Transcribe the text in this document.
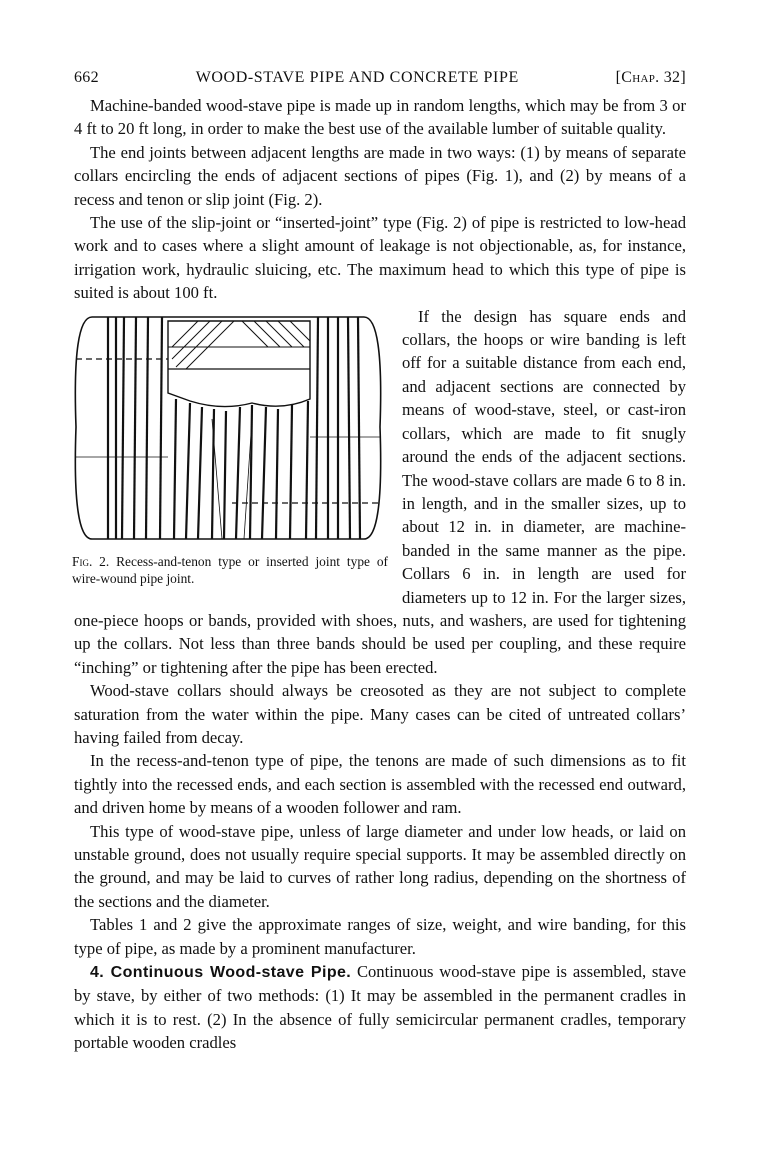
662	WOOD-STAVE PIPE AND CONCRETE PIPE	[Chap. 32]

Machine-banded wood-stave pipe is made up in random lengths, which may be from 3 or 4 ft to 20 ft long, in order to make the best use of the available lumber of suitable quality.

The end joints between adjacent lengths are made in two ways: (1) by means of separate collars encircling the ends of adjacent sections of pipes (Fig. 1), and (2) by means of a recess and tenon or slip joint (Fig. 2).

The use of the slip-joint or “inserted-joint” type (Fig. 2) of pipe is restricted to low-head work and to cases where a slight amount of leakage is not objectionable, as, for instance, irrigation work, hydraulic sluicing, etc. The maximum head to which this type of pipe is suited is about 100 ft.

Fig. 2. Recess-and-tenon type or inserted joint type of wire-wound pipe joint.

If the design has square ends and collars, the hoops or wire banding is left off for a suitable distance from each end, and adjacent sections are connected by means of wood-stave, steel, or cast-iron collars, which are made to fit snugly around the ends of the adjacent sections. The wood-stave collars are made 6 to 8 in. in length, and in the smaller sizes, up to about 12 in. in diameter, are machine-banded in the same manner as the pipe. Collars 6 in. in length are used for diameters up to 12 in. For the larger sizes, one-piece hoops or bands, provided with shoes, nuts, and washers, are used for tightening up the collars. Not less than three bands should be used per coupling, and these require “inching” or tightening after the pipe has been erected.

Wood-stave collars should always be creosoted as they are not subject to complete saturation from the water within the pipe. Many cases can be cited of untreated collars’ having failed from decay.

In the recess-and-tenon type of pipe, the tenons are made of such dimensions as to fit tightly into the recessed ends, and each section is assembled with the recessed end outward, and driven home by means of a wooden follower and ram.

This type of wood-stave pipe, unless of large diameter and under low heads, or laid on unstable ground, does not usually require special supports. It may be assembled directly on the ground, and may be laid to curves of rather long radius, depending on the shortness of the sections and the diameter.

Tables 1 and 2 give the approximate ranges of size, weight, and wire banding, for this type of pipe, as made by a prominent manufacturer.

4. Continuous Wood-stave Pipe. Continuous wood-stave pipe is assembled, stave by stave, by either of two methods: (1) It may be assembled in the permanent cradles in which it is to rest. (2) In the absence of fully semicircular permanent cradles, temporary portable wooden cradles
